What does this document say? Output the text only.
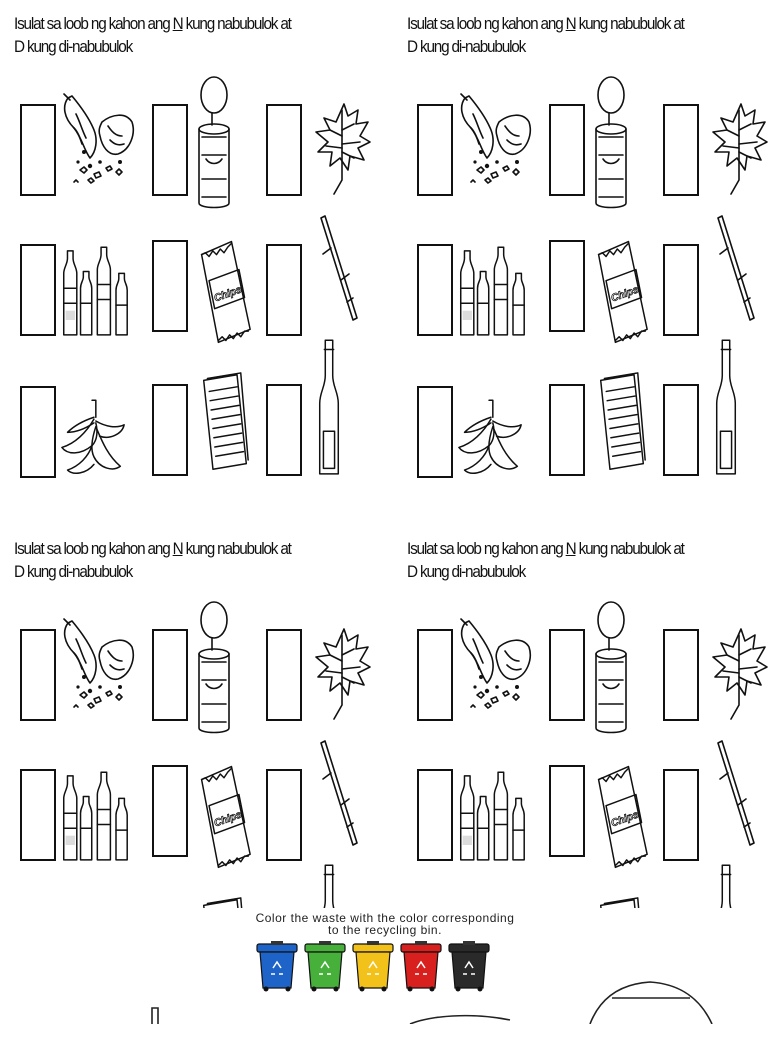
Isulat sa loob ng kahon ang N kung nabubulok at
D kung di-nabubulok
Chips
Isulat sa loob ng kahon ang N kung nabubulok at
D kung di-nabubulok
Chips
Isulat sa loob ng kahon ang N kung nabubulok at
D kung di-nabubulok
Chips
Isulat sa loob ng kahon ang N kung nabubulok at
D kung di-nabubulok
Chips
Color the waste with the color corresponding
to the recycling bin.
